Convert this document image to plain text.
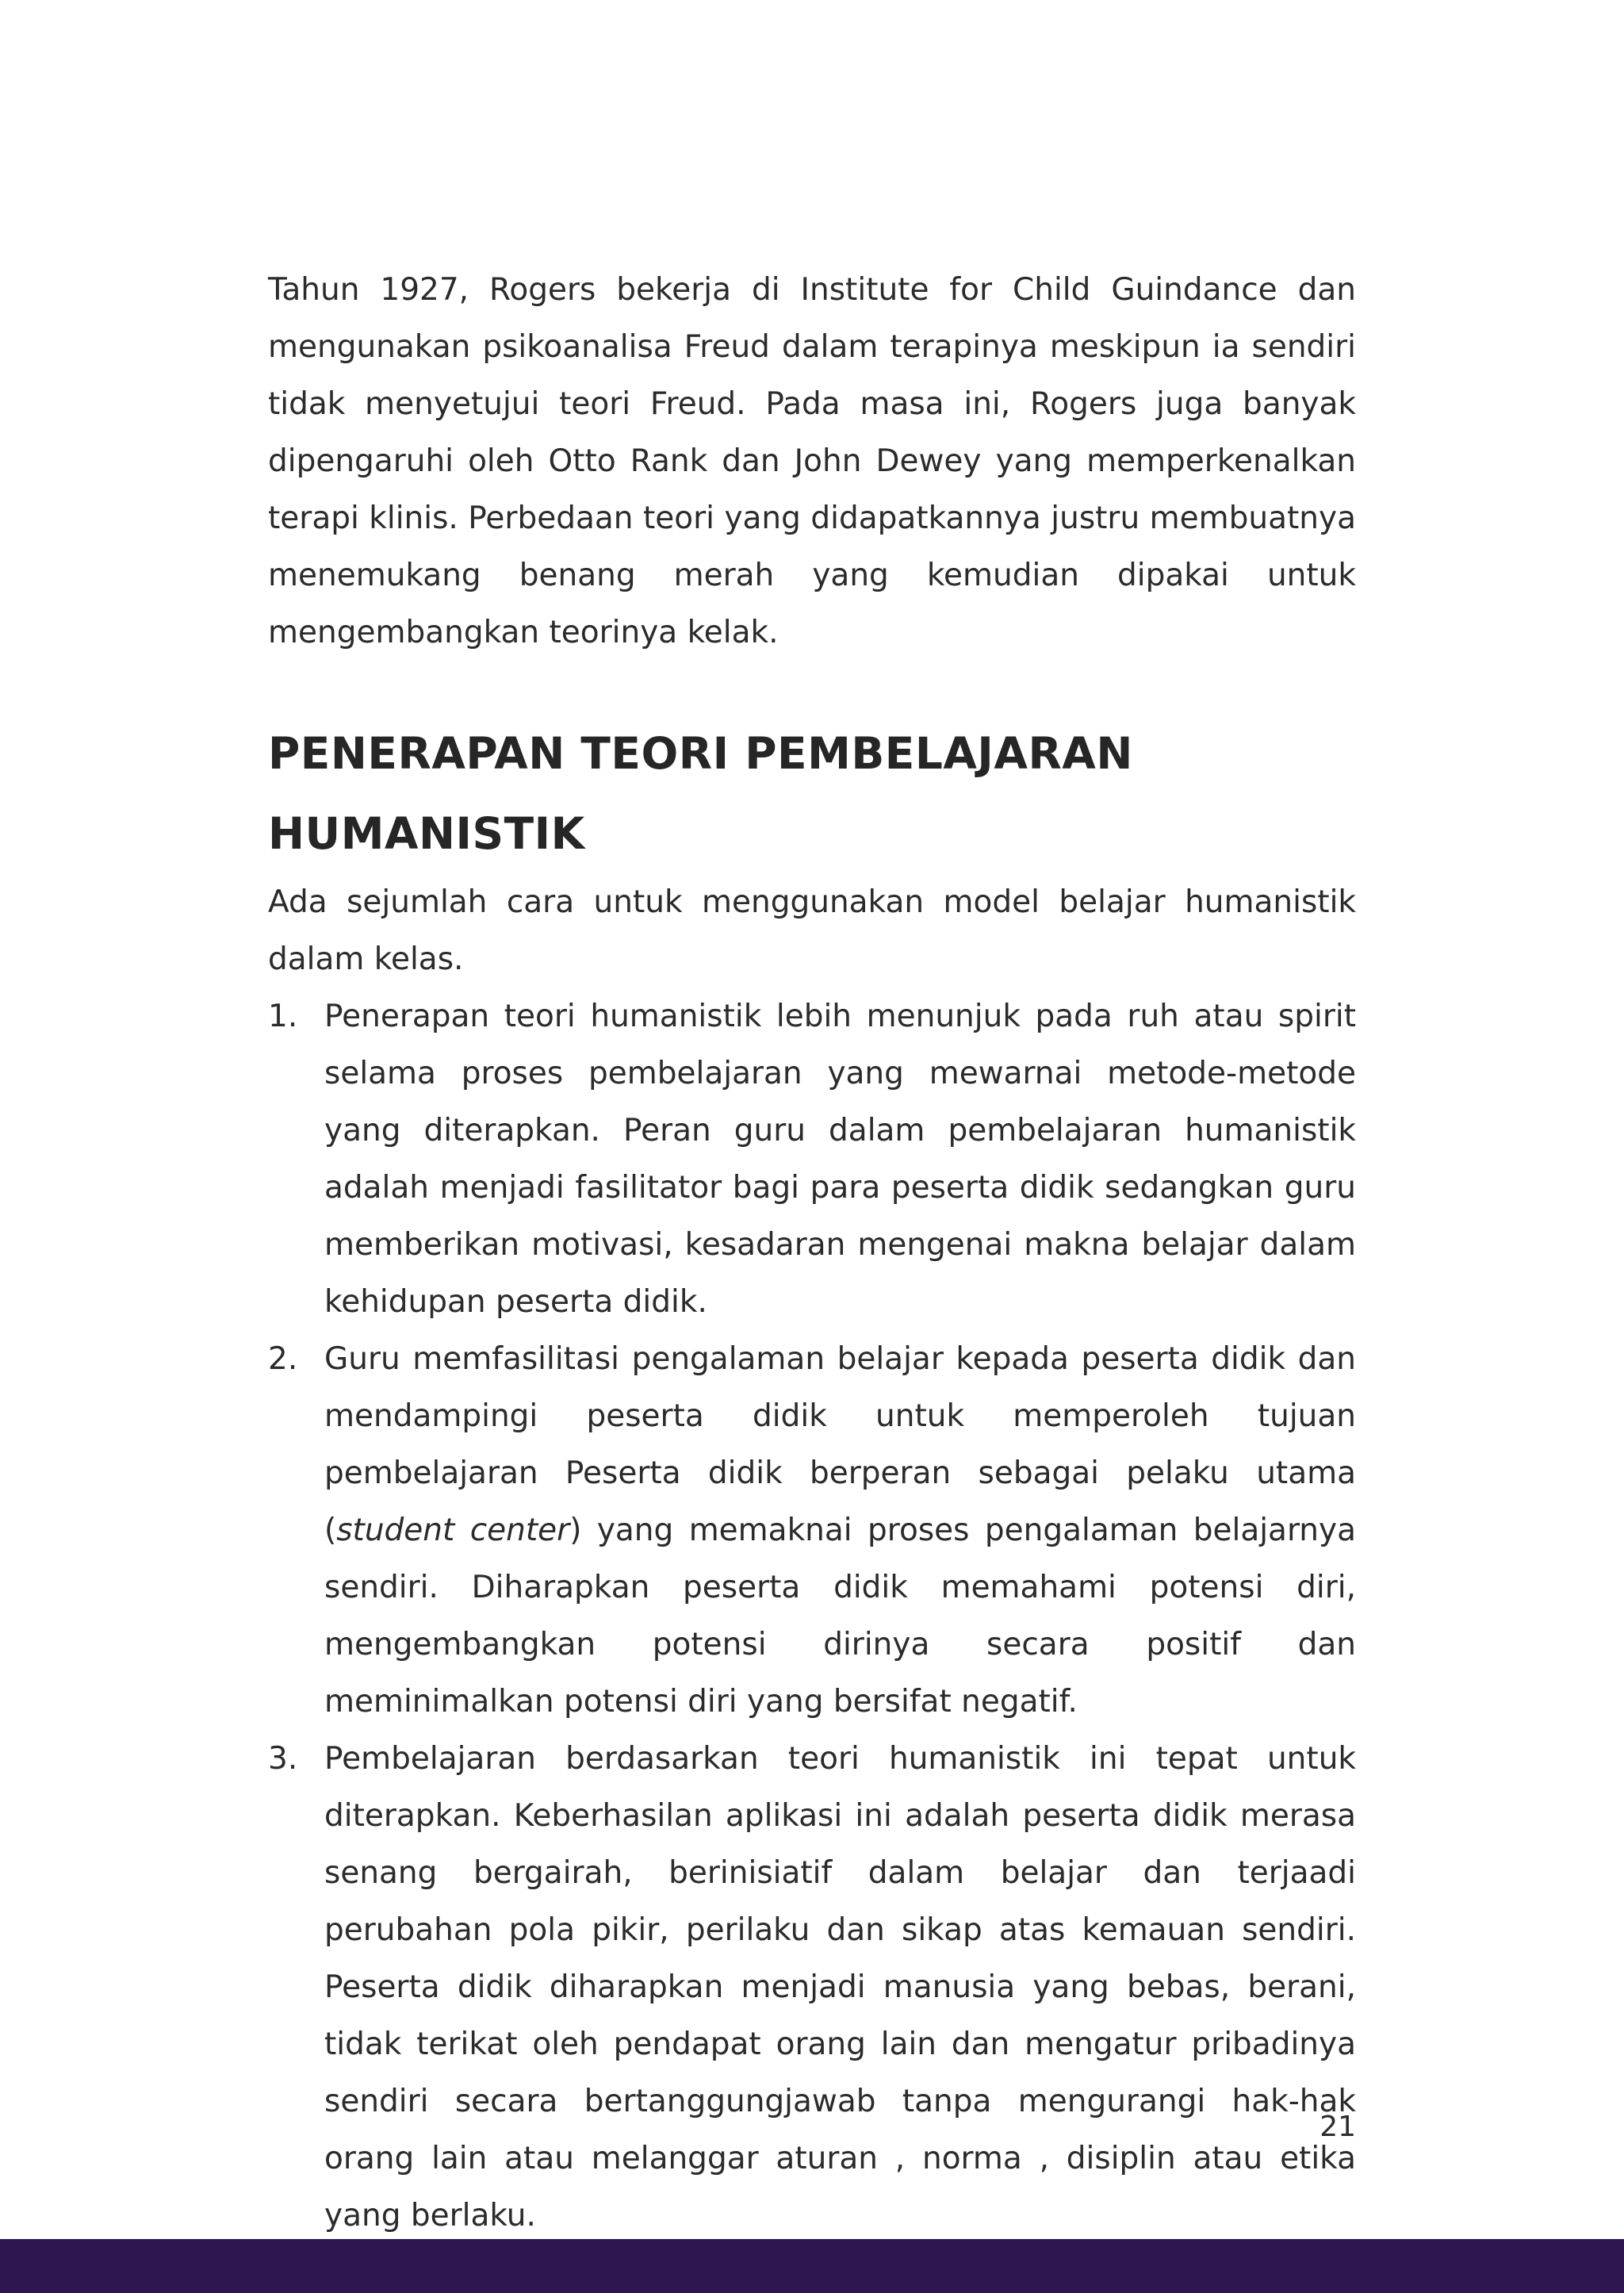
Tahun 1927, Rogers bekerja di Institute for Child Guindance dan mengunakan psikoanalisa Freud dalam terapinya meskipun ia sendiri tidak menyetujui teori Freud. Pada masa ini, Rogers juga banyak dipengaruhi oleh Otto Rank dan John Dewey yang memperkenalkan terapi klinis. Perbedaan teori yang didapatkannya justru membuatnya menemukang benang merah yang kemudian dipakai untuk mengembangkan teorinya kelak.

PENERAPAN TEORI PEMBELAJARAN HUMANISTIK

Ada sejumlah cara untuk menggunakan model belajar humanistik dalam kelas.

1. Penerapan teori humanistik lebih menunjuk pada ruh atau spirit selama proses pembelajaran yang mewarnai metode-metode yang diterapkan. Peran guru dalam pembelajaran humanistik adalah menjadi fasilitator bagi para peserta didik sedangkan guru memberikan motivasi, kesadaran mengenai makna belajar dalam kehidupan peserta didik.
2. Guru memfasilitasi pengalaman belajar kepada peserta didik dan mendampingi peserta didik untuk memperoleh tujuan pembelajaran Peserta didik berperan sebagai pelaku utama (student center) yang memaknai proses pengalaman belajarnya sendiri. Diharapkan peserta didik memahami potensi diri, mengembangkan potensi dirinya secara positif dan meminimalkan potensi diri yang bersifat negatif.
3. Pembelajaran berdasarkan teori humanistik ini tepat untuk diterapkan. Keberhasilan aplikasi ini adalah peserta didik merasa senang bergairah, berinisiatif dalam belajar dan terjaadi perubahan pola pikir, perilaku dan sikap atas kemauan sendiri. Peserta didik diharapkan menjadi manusia yang bebas, berani, tidak terikat oleh pendapat orang lain dan mengatur pribadinya sendiri secara bertanggungjawab tanpa mengurangi hak-hak orang lain atau melanggar aturan , norma , disiplin atau etika yang berlaku.
21
